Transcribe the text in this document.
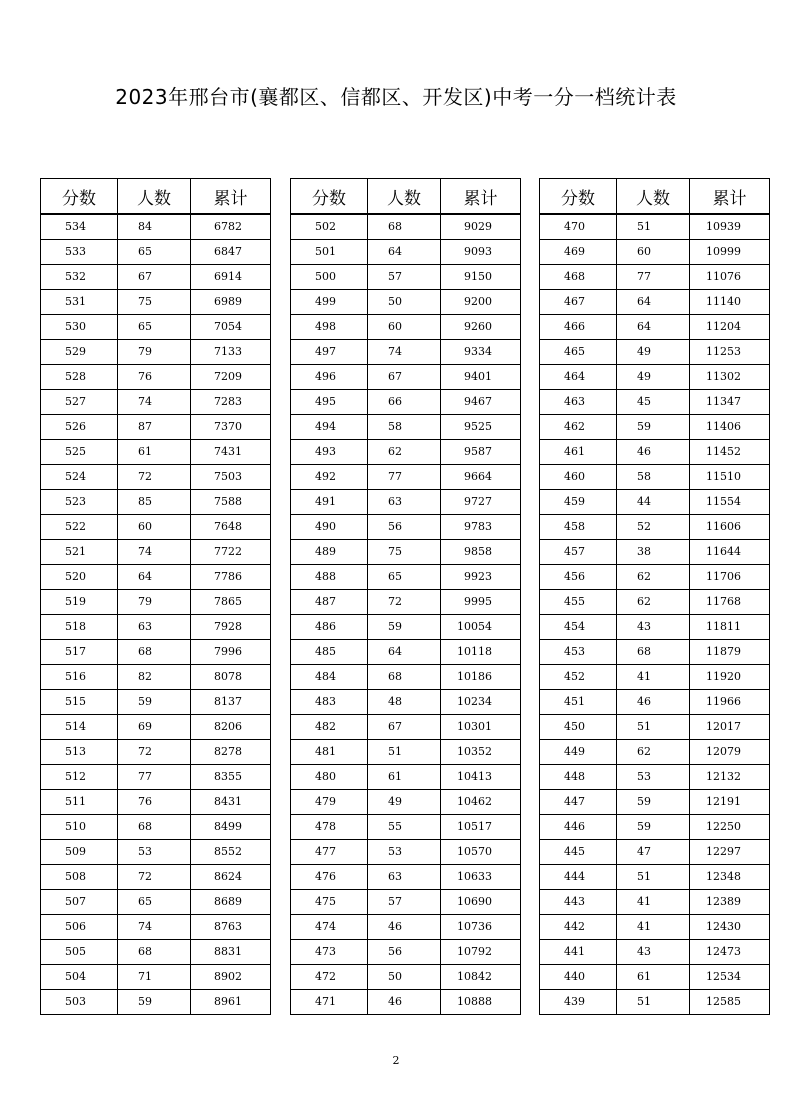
2023年邢台市(襄都区、信都区、开发区)中考一分一档统计表
分数	人数	累计
534	84	6782
533	65	6847
532	67	6914
531	75	6989
530	65	7054
529	79	7133
528	76	7209
527	74	7283
526	87	7370
525	61	7431
524	72	7503
523	85	7588
522	60	7648
521	74	7722
520	64	7786
519	79	7865
518	63	7928
517	68	7996
516	82	8078
515	59	8137
514	69	8206
513	72	8278
512	77	8355
511	76	8431
510	68	8499
509	53	8552
508	72	8624
507	65	8689
506	74	8763
505	68	8831
504	71	8902
503	59	8961
分数	人数	累计
502	68	9029
501	64	9093
500	57	9150
499	50	9200
498	60	9260
497	74	9334
496	67	9401
495	66	9467
494	58	9525
493	62	9587
492	77	9664
491	63	9727
490	56	9783
489	75	9858
488	65	9923
487	72	9995
486	59	10054
485	64	10118
484	68	10186
483	48	10234
482	67	10301
481	51	10352
480	61	10413
479	49	10462
478	55	10517
477	53	10570
476	63	10633
475	57	10690
474	46	10736
473	56	10792
472	50	10842
471	46	10888
分数	人数	累计
470	51	10939
469	60	10999
468	77	11076
467	64	11140
466	64	11204
465	49	11253
464	49	11302
463	45	11347
462	59	11406
461	46	11452
460	58	11510
459	44	11554
458	52	11606
457	38	11644
456	62	11706
455	62	11768
454	43	11811
453	68	11879
452	41	11920
451	46	11966
450	51	12017
449	62	12079
448	53	12132
447	59	12191
446	59	12250
445	47	12297
444	51	12348
443	41	12389
442	41	12430
441	43	12473
440	61	12534
439	51	12585
2
